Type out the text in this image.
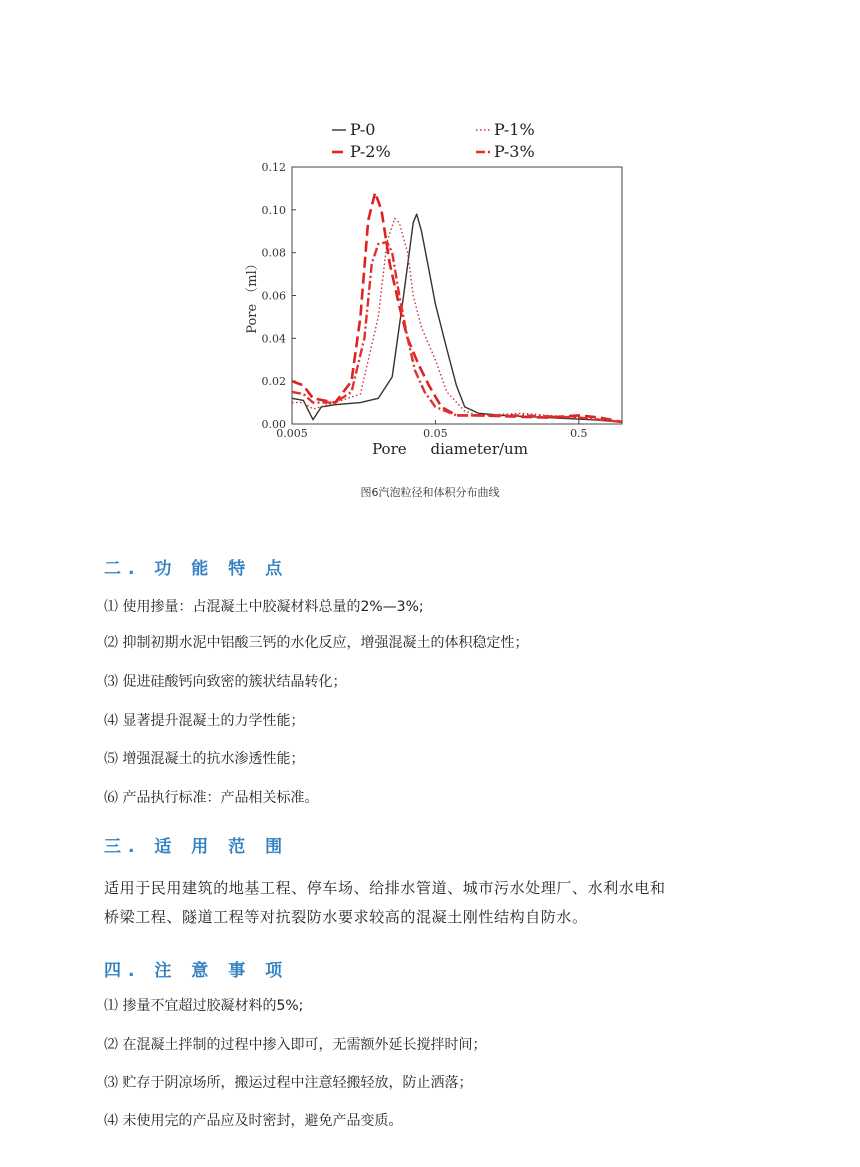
0.00
0.02
0.04
0.06
0.08
0.10
0.12
0.005	0.05	0.5
Pore     diameter/um
Pore （ml）
P-0	P-1%
P-2%	P-3%
图6汽泡粒径和体积分布曲线
二. 功 能 特 点
⑴ 使用掺量：占混凝土中胶凝材料总量的2%—3%;
⑵ 抑制初期水泥中铝酸三钙的水化反应，增强混凝土的体积稳定性；
⑶ 促进硅酸钙向致密的簇状结晶转化；
⑷ 显著提升混凝土的力学性能；
⑸ 增强混凝土的抗水渗透性能；
⑹ 产品执行标准：产品相关标准。
三. 适 用 范 围

适用于民用建筑的地基工程、停车场、给排水管道、城市污水处理厂、水利水电和

桥梁工程、隧道工程等对抗裂防水要求较高的混凝土刚性结构自防水。

四. 注 意 事 项
⑴ 掺量不宜超过胶凝材料的5%;
⑵ 在混凝土拌制的过程中掺入即可，无需额外延长搅拌时间；
⑶ 贮存于阴凉场所，搬运过程中注意轻搬轻放，防止洒落；
⑷ 未使用完的产品应及时密封，避免产品变质。
